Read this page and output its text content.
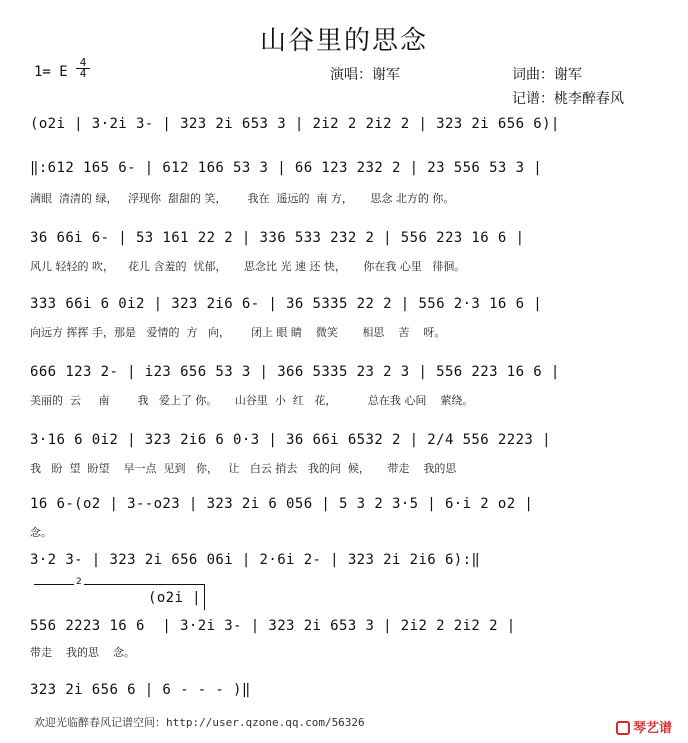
山谷里的思念
1= E
4
4	演唱：谢军	词曲：谢军
记谱：桃李醉春风
(o2i | 3·2i 3- | 323 2i 653 3 | 2i2 2 2i2 2 | 323 2i 656 6)|
‖:612 165 6- | 612 166 53 3 | 66 123 232 2 | 23 556 53 3 |
满眼  清清的 绿，   浮现你  甜甜的 笑，      我在  遥远的  南 方，     思念 北方的 你。
36 66i 6- | 53 161 22 2 | 336 533 232 2 | 556 223 16 6 |
风儿 轻轻的 吹，    花儿 含羞的  忧郁，     思念比 光 速 还 快，     你在我 心里   徘徊。
333 66i 6 0i2 | 323 2i6 6- | 36 5335 22 2 | 556 2·3 16 6 |
向远方 挥挥 手，那是   爱情的  方   向，      闭上 眼 睛    微笑       相思    苦    呀。
666 123 2- | i23 656 53 3 | 366 5335 23 2 3 | 556 223 16 6 |
美丽的  云     南        我   爱上了 你。     山谷里  小  红   花，         总在我 心间    萦绕。
3·16 6 0i2 | 323 2i6 6 0·3 | 36 66i 6532 2 | 2/4 556 2223 |
我   盼  望  盼望    早一点  见到   你，   让   白云 捎去   我的问  候，     带走    我的思
16 6-(o2 | 3--o23 | 323 2i 6 056 | 5 3 2 3·5 | 6·i 2 o2 |
念。
3·2 3- | 323 2i 656 06i | 2·6i 2- | 323 2i 2i6 6):‖
2
(o2i |
556 2223 16 6  | 3·2i 3- | 323 2i 653 3 | 2i2 2 2i2 2 |
带走    我的思    念。
323 2i 656 6 | 6 - - - )‖
欢迎光临醉春风记谱空间：http://user.qzone.qq.com/56326	琴艺谱
